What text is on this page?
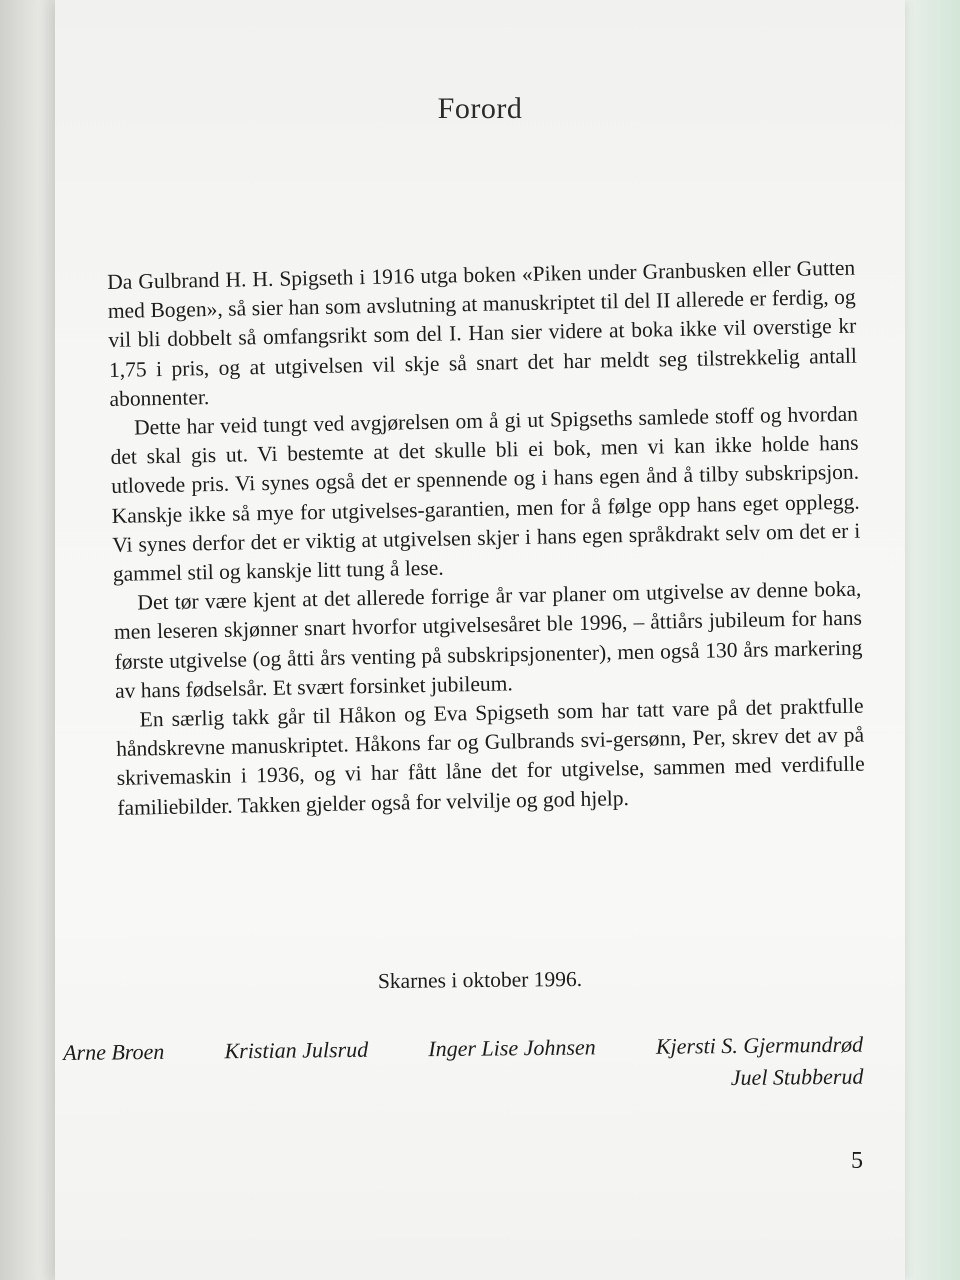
Forord

Da Gulbrand H. H. Spigseth i 1916 utga boken «Piken under Granbusken eller Gutten med Bogen», så sier han som avslutning at manuskriptet til del II allerede er ferdig, og vil bli dobbelt så omfangsrikt som del I. Han sier videre at boka ikke vil overstige kr 1,75 i pris, og at utgivelsen vil skje så snart det har meldt seg tilstrekkelig antall abonnenter.

Dette har veid tungt ved avgjørelsen om å gi ut Spigseths samlede stoff og hvordan det skal gis ut. Vi bestemte at det skulle bli ei bok, men vi kan ikke holde hans utlovede pris. Vi synes også det er spennende og i hans egen ånd å tilby subskripsjon. Kanskje ikke så mye for utgivelses-garantien, men for å følge opp hans eget opplegg. Vi synes derfor det er viktig at utgivelsen skjer i hans egen språkdrakt selv om det er i gammel stil og kanskje litt tung å lese.

Det tør være kjent at det allerede forrige år var planer om utgivelse av denne boka, men leseren skjønner snart hvorfor utgivelsesåret ble 1996, – åttiårs jubileum for hans første utgivelse (og åtti års venting på subskripsjonenter), men også 130 års markering av hans fødselsår. Et svært forsinket jubileum.

En særlig takk går til Håkon og Eva Spigseth som har tatt vare på det praktfulle håndskrevne manuskriptet. Håkons far og Gulbrands svi-gersønn, Per, skrev det av på skrivemaskin i 1936, og vi har fått låne det for utgivelse, sammen med verdifulle familiebilder. Takken gjelder også for velvilje og god hjelp.

Skarnes i oktober 1996.
Arne Broen	Kristian Julsrud	Inger Lise Johnsen	Kjersti S. Gjermundrød
Juel Stubberud
5
